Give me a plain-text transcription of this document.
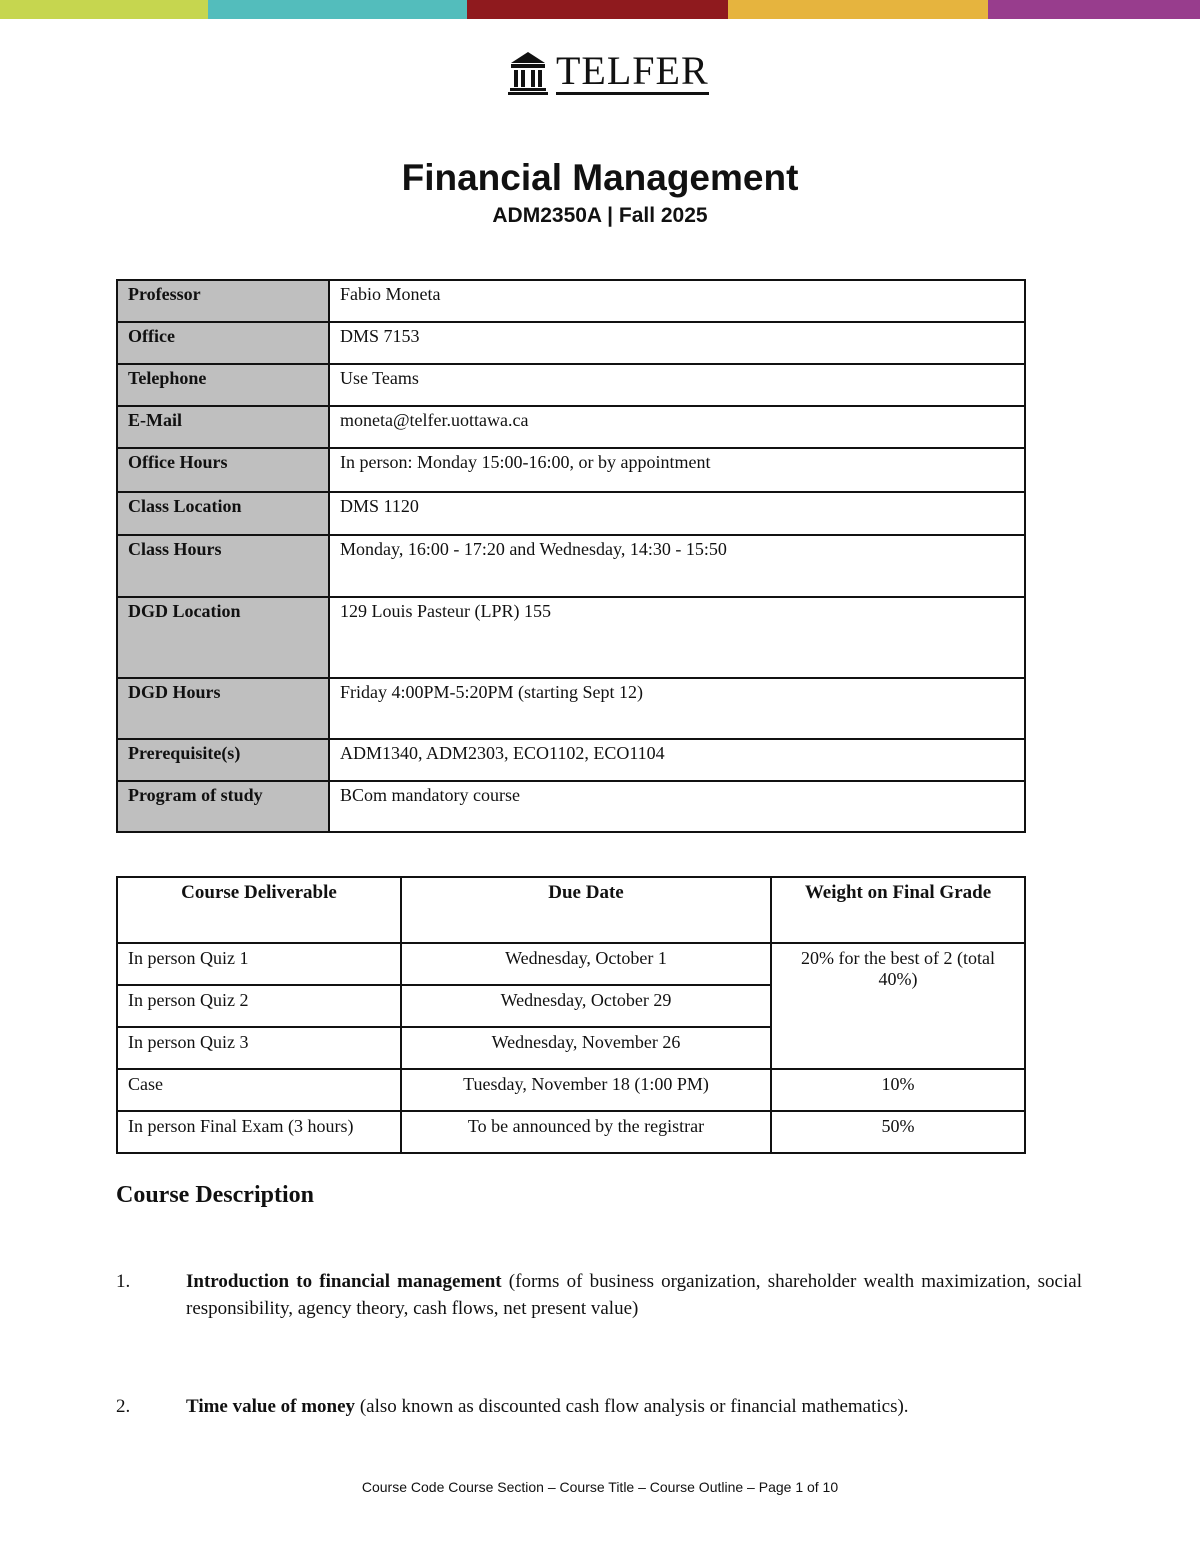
TELFER
Financial Management
ADM2350A | Fall 2025
Professor	Fabio Moneta
Office	DMS 7153
Telephone	Use Teams
E-Mail	moneta@telfer.uottawa.ca
Office Hours	In person: Monday 15:00-16:00, or by appointment
Class Location	DMS 1120
Class Hours	Monday, 16:00 - 17:20 and Wednesday, 14:30 - 15:50
DGD Location	129 Louis Pasteur (LPR) 155
DGD Hours	Friday 4:00PM-5:20PM (starting Sept 12)
Prerequisite(s)	ADM1340, ADM2303, ECO1102, ECO1104
Program of study	BCom mandatory course
Course Deliverable	Due Date	Weight on Final Grade
In person Quiz 1	Wednesday, October 1	20% for the best of 2 (total 40%)
In person Quiz 2	Wednesday, October 29	
In person Quiz 3	Wednesday, November 26	
Case	Tuesday, November 18 (1:00 PM)	10%
In person Final Exam (3 hours)	To be announced by the registrar	50%
Course Description
1.	Introduction to financial management (forms of business organization, shareholder wealth maximization, social responsibility, agency theory, cash flows, net present value)
2.	Time value of money (also known as discounted cash flow analysis or financial mathematics).
Course Code Course Section – Course Title – Course Outline – Page 1 of 10
